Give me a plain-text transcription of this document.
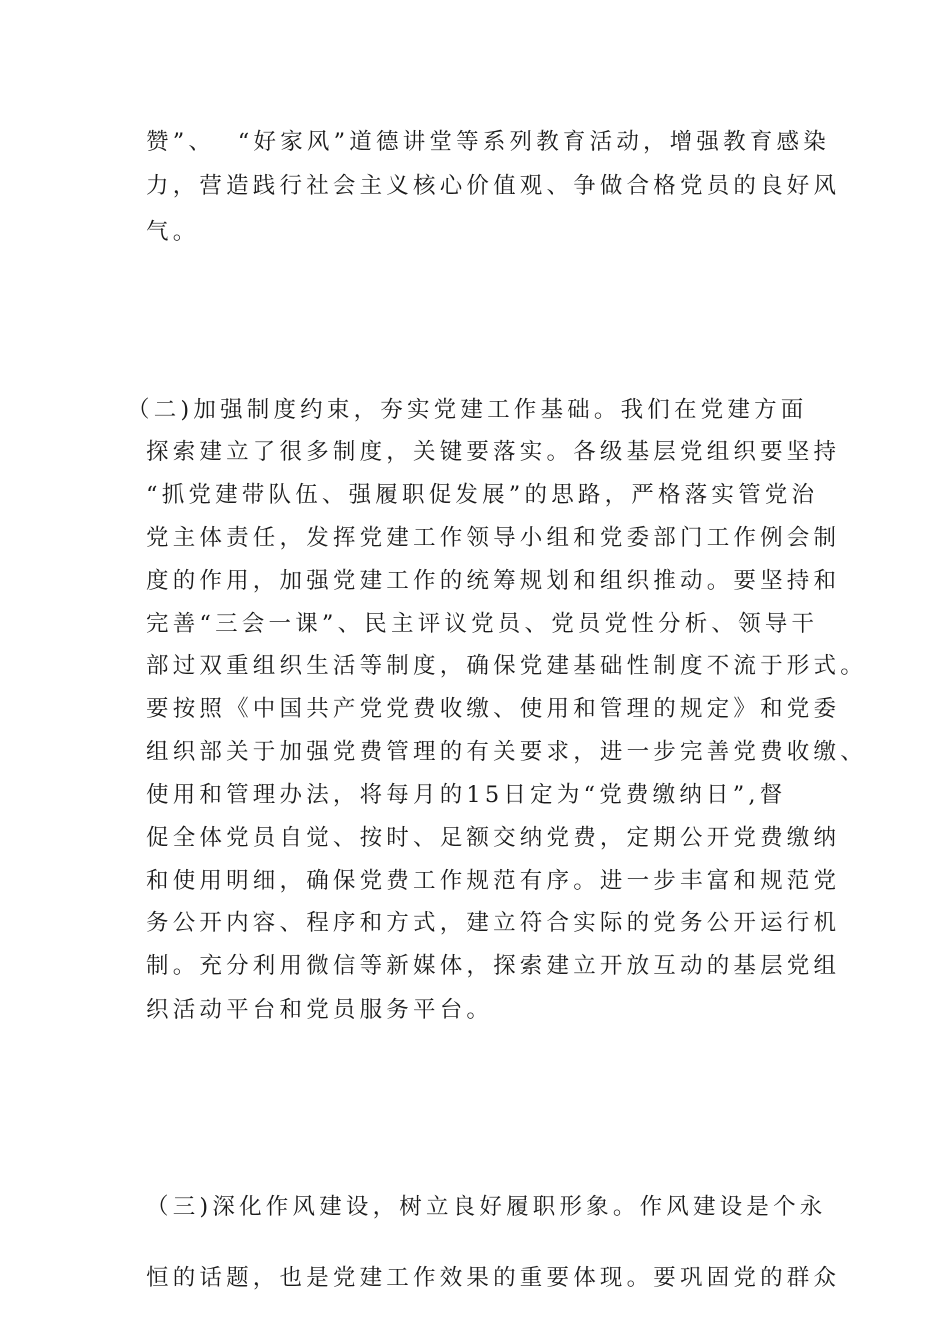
赞”、  “好家风”道德讲堂等系列教育活动，增强教育感染
力，营造践行社会主义核心价值观、争做合格党员的良好风
气。
（二)加强制度约束，夯实党建工作基础。我们在党建方面
探索建立了很多制度，关键要落实。各级基层党组织要坚持
“抓党建带队伍、强履职促发展”的思路，严格落实管党治
党主体责任，发挥党建工作领导小组和党委部门工作例会制
度的作用，加强党建工作的统筹规划和组织推动。要坚持和
完善“三会一课”、民主评议党员、党员党性分析、领导干
部过双重组织生活等制度，确保党建基础性制度不流于形式。
要按照《中国共产党党费收缴、使用和管理的规定》和党委
组织部关于加强党费管理的有关要求，进一步完善党费收缴、
使用和管理办法，将每月的15日定为“党费缴纳日”,督
促全体党员自觉、按时、足额交纳党费，定期公开党费缴纳
和使用明细，确保党费工作规范有序。进一步丰富和规范党
务公开内容、程序和方式，建立符合实际的党务公开运行机
制。充分利用微信等新媒体，探索建立开放互动的基层党组
织活动平台和党员服务平台。
（三)深化作风建设，树立良好履职形象。作风建设是个永
恒的话题，也是党建工作效果的重要体现。要巩固党的群众
